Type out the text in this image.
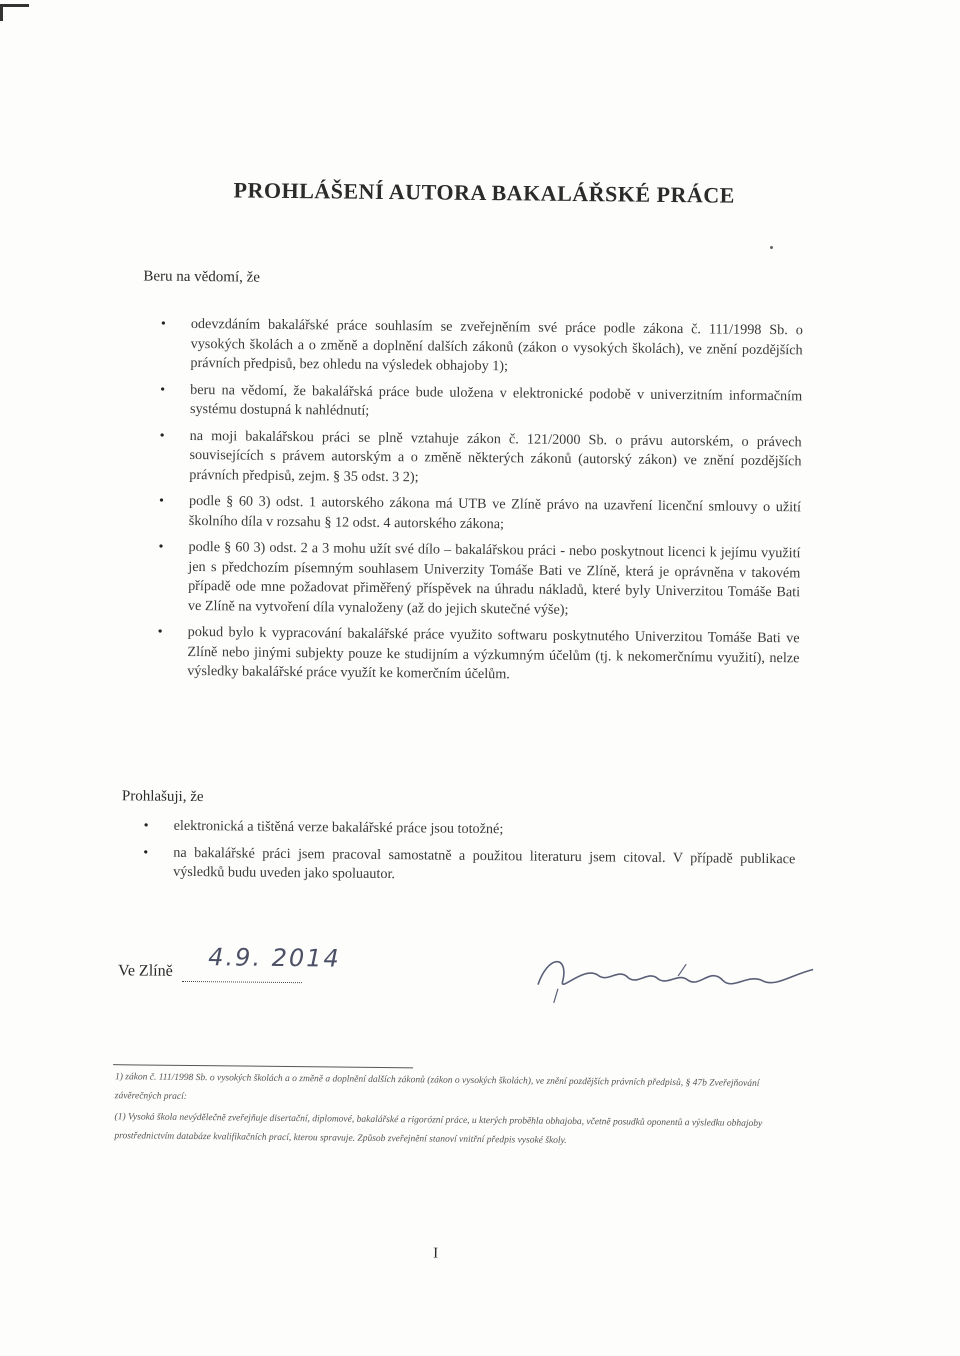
PROHLÁŠENÍ AUTORA BAKALÁŘSKÉ PRÁCE
Beru na vědomí, že
• odevzdáním bakalářské práce souhlasím se zveřejněním své práce podle zákona č. 111/1998 Sb. o vysokých školách a o změně a doplnění dalších zákonů (zákon o vysokých školách), ve znění pozdějších právních předpisů, bez ohledu na výsledek obhajoby 1);
• beru na vědomí, že bakalářská práce bude uložena v elektronické podobě v univerzitním informačním systému dostupná k nahlédnutí;
• na moji bakalářskou práci se plně vztahuje zákon č. 121/2000 Sb. o právu autorském, o právech souvisejících s právem autorským a o změně některých zákonů (autorský zákon) ve znění pozdějších právních předpisů, zejm. § 35 odst. 3 2);
• podle § 60 3) odst. 1 autorského zákona má UTB ve Zlíně právo na uzavření licenční smlouvy o užití školního díla v rozsahu § 12 odst. 4 autorského zákona;
• podle § 60 3) odst. 2 a 3 mohu užít své dílo – bakalářskou práci - nebo poskytnout licenci k jejímu využití jen s předchozím písemným souhlasem Univerzity Tomáše Bati ve Zlíně, která je oprávněna v takovém případě ode mne požadovat přiměřený příspěvek na úhradu nákladů, které byly Univerzitou Tomáše Bati ve Zlíně na vytvoření díla vynaloženy (až do jejich skutečné výše);
• pokud bylo k vypracování bakalářské práce využito softwaru poskytnutého Univerzitou Tomáše Bati ve Zlíně nebo jinými subjekty pouze ke studijním a výzkumným účelům (tj. k nekomerčnímu využití), nelze výsledky bakalářské práce využít ke komerčním účelům.
Prohlašuji, že
• elektronická a tištěná verze bakalářské práce jsou totožné;
• na bakalářské práci jsem pracoval samostatně a použitou literaturu jsem citoval. V případě publikace výsledků budu uveden jako spoluautor.
Ve Zlíně 4.9. 2014

1) zákon č. 111/1998 Sb. o vysokých školách a o změně a doplnění dalších zákonů (zákon o vysokých školách), ve znění pozdějších právních předpisů, § 47b Zveřejňování závěrečných prací:

(1) Vysoká škola nevýdělečně zveřejňuje disertační, diplomové, bakalářské a rigorózní práce, u kterých proběhla obhajoba, včetně posudků oponentů a výsledku obhajoby prostřednictvím databáze kvalifikačních prací, kterou spravuje. Způsob zveřejnění stanoví vnitřní předpis vysoké školy.

I
